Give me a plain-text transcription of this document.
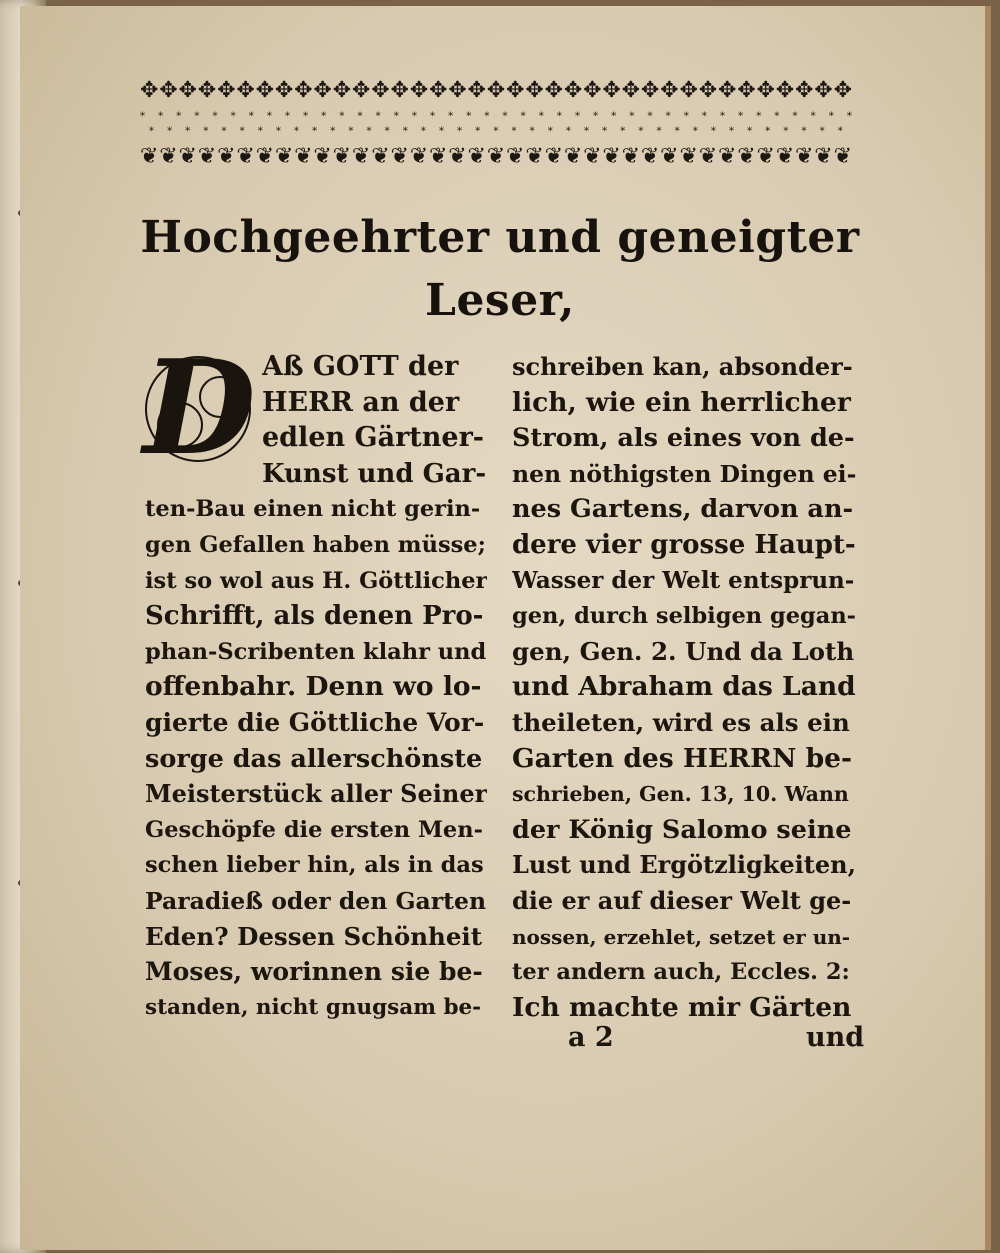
✥ ✥ ✥ ✥ ✥ ✥ ✥ ✥ ✥ ✥ ✥ ✥ ✥ ✥ ✥ ✥ ✥ ✥ ✥ ✥ ✥ ✥ ✥ ✥ ✥ ✥ ✥ ✥ ✥ ✥ ✥ ✥ ✥ ✥ ✥ ✥ ✥
* * * * * * * * * * * * * * * * * * * * * * * * * * * * * * * * * * * * * * * *
* * * * * * * * * * * * * * * * * * * * * * * * * * * * * * * * * * * * * * *
❦ ❦ ❦ ❦ ❦ ❦ ❦ ❦ ❦ ❦ ❦ ❦ ❦ ❦ ❦ ❦ ❦ ❦ ❦ ❦ ❦ ❦ ❦ ❦ ❦ ❦ ❦ ❦ ❦ ❦ ❦ ❦ ❦ ❦ ❦ ❦ ❦
Hochgeehrter und geneigter
Leser,
D Aß GOTT der
HERR an der
edlen Gärtner-
Kunst und Gar-
ten-Bau einen nicht gerin-
gen Gefallen haben müsse;
ist so wol aus H. Göttlicher
Schrifft, als denen Pro-
phan-Scribenten klahr und
offenbahr. Denn wo lo-
gierte die Göttliche Vor-
sorge das allerschönste
Meisterstück aller Seiner
Geschöpfe die ersten Men-
schen lieber hin, als in das
Paradieß oder den Garten
Eden? Dessen Schönheit
Moses, worinnen sie be-
standen, nicht gnugsam be-
schreiben kan, absonder-
lich, wie ein herrlicher
Strom, als eines von de-
nen nöthigsten Dingen ei-
nes Gartens, darvon an-
dere vier grosse Haupt-
Wasser der Welt entsprun-
gen, durch selbigen gegan-
gen, Gen. 2. Und da Loth
und Abraham das Land
theileten, wird es als ein
Garten des HERRN be-
schrieben, Gen. 13, 10. Wann
der König Salomo seine
Lust und Ergötzligkeiten,
die er auf dieser Welt ge-
nossen, erzehlet, setzet er un-
ter andern auch, Eccles. 2:
Ich machte mir Gärten
a 2	und
